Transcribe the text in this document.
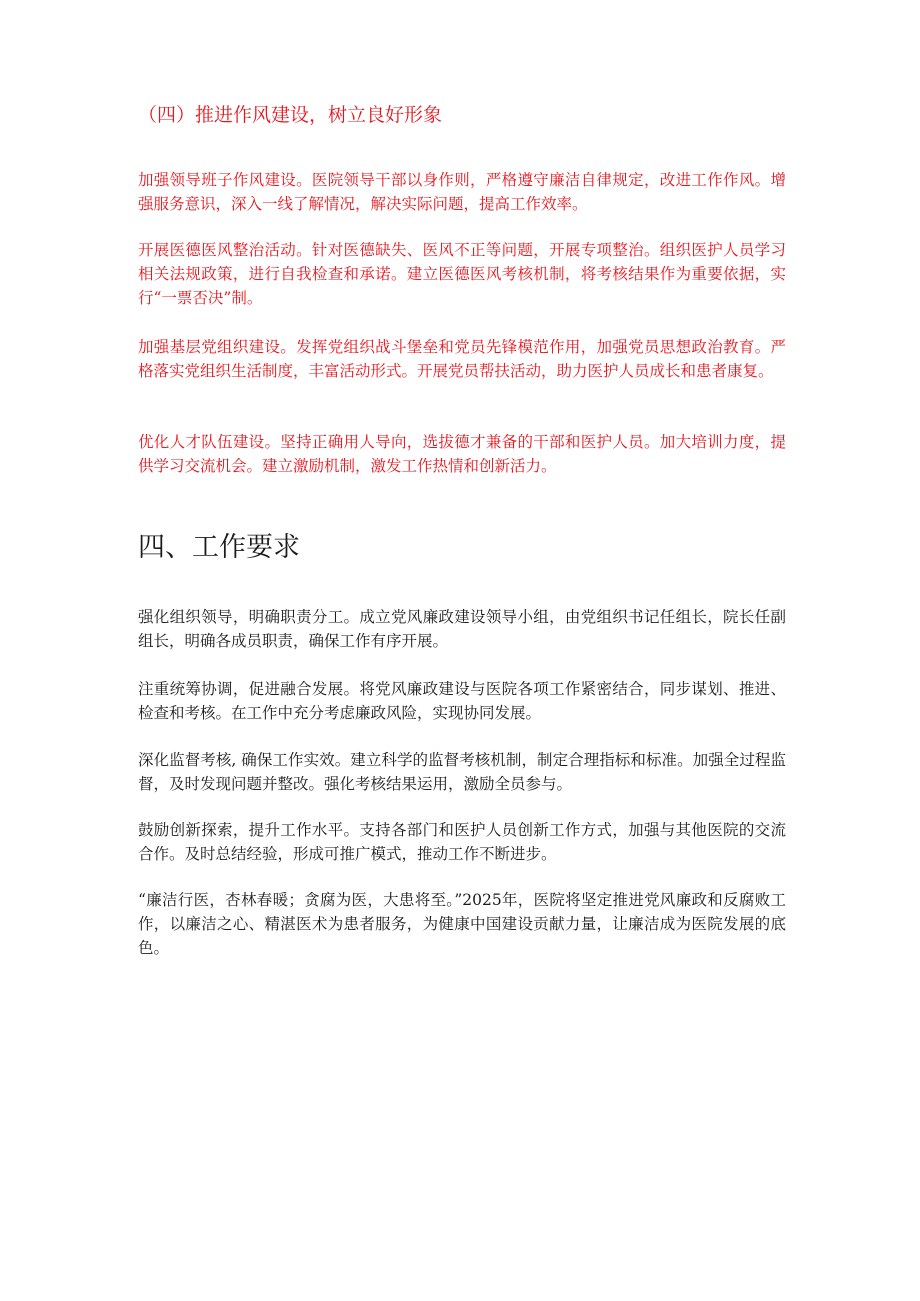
（四）推进作风建设，树立良好形象

加强领导班子作风建设。医院领导干部以身作则，严格遵守廉洁自律规定，改进工作作风。增强服务意识，深入一线了解情况，解决实际问题，提高工作效率。

开展医德医风整治活动。针对医德缺失、医风不正等问题，开展专项整治。组织医护人员学习相关法规政策，进行自我检查和承诺。建立医德医风考核机制，将考核结果作为重要依据，实行“一票否决”制。

加强基层党组织建设。发挥党组织战斗堡垒和党员先锋模范作用，加强党员思想政治教育。严格落实党组织生活制度，丰富活动形式。开展党员帮扶活动，助力医护人员成长和患者康复。

优化人才队伍建设。坚持正确用人导向，选拔德才兼备的干部和医护人员。加大培训力度，提供学习交流机会。建立激励机制，激发工作热情和创新活力。

四、工作要求

强化组织领导，明确职责分工。成立党风廉政建设领导小组，由党组织书记任组长，院长任副组长，明确各成员职责，确保工作有序开展。

注重统筹协调，促进融合发展。将党风廉政建设与医院各项工作紧密结合，同步谋划、推进、检查和考核。在工作中充分考虑廉政风险，实现协同发展。

深化监督考核, 确保工作实效。建立科学的监督考核机制，制定合理指标和标准。加强全过程监督，及时发现问题并整改。强化考核结果运用，激励全员参与。

鼓励创新探索，提升工作水平。支持各部门和医护人员创新工作方式，加强与其他医院的交流合作。及时总结经验，形成可推广模式，推动工作不断进步。

“廉洁行医，杏林春暖；贪腐为医，大患将至。”2025年，医院将坚定推进党风廉政和反腐败工作，以廉洁之心、精湛医术为患者服务，为健康中国建设贡献力量，让廉洁成为医院发展的底色。
